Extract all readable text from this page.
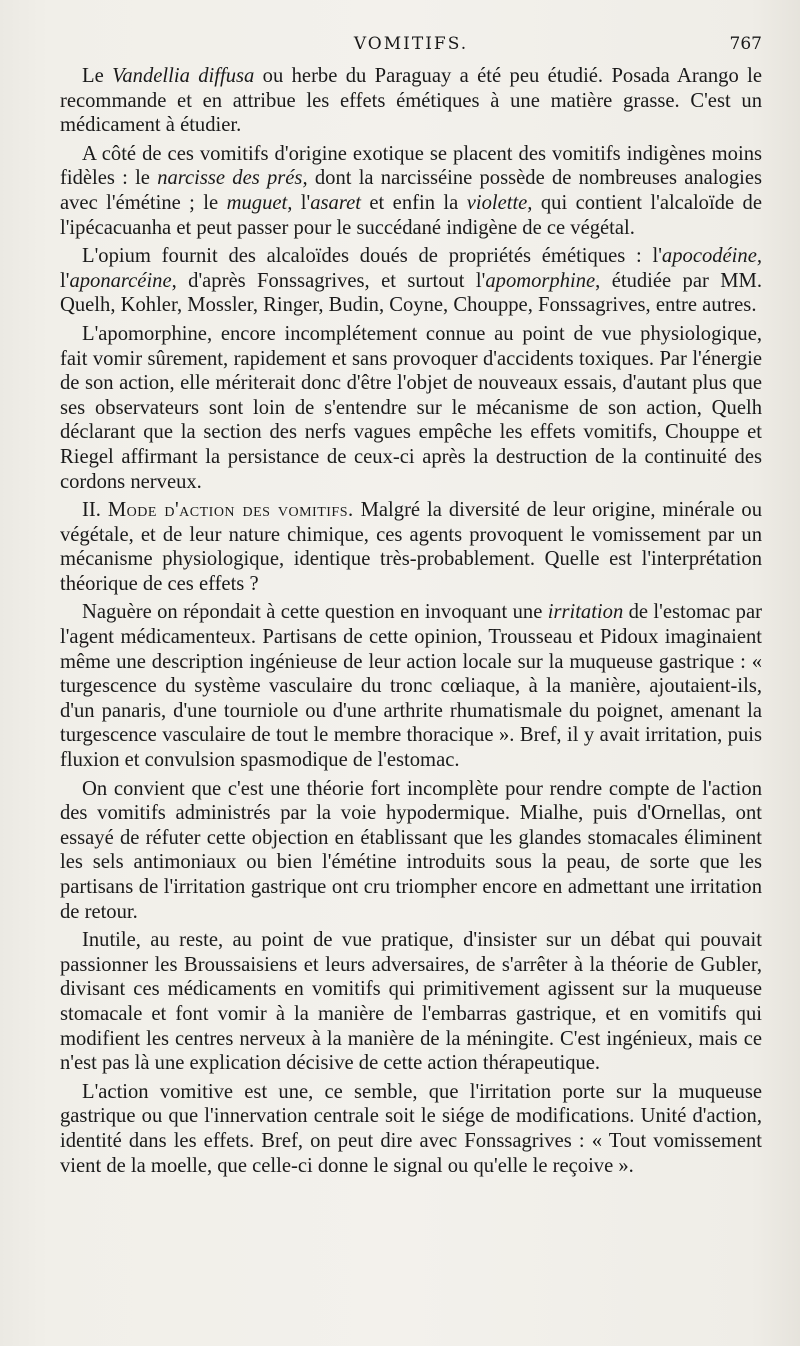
VOMITIFS.	767

Le Vandellia diffusa ou herbe du Paraguay a été peu étudié. Posada Arango le recommande et en attribue les effets émétiques à une matière grasse. C'est un médicament à étudier.

A côté de ces vomitifs d'origine exotique se placent des vomitifs indigènes moins fidèles : le narcisse des prés, dont la narcisséine possède de nombreuses analogies avec l'émétine ; le muguet, l'asaret et enfin la violette, qui contient l'alcaloïde de l'ipécacuanha et peut passer pour le succédané indigène de ce végétal.

L'opium fournit des alcaloïdes doués de propriétés émétiques : l'apocodéine, l'aponarcéine, d'après Fonssagrives, et surtout l'apomorphine, étudiée par MM. Quelh, Kohler, Mossler, Ringer, Budin, Coyne, Chouppe, Fonssagrives, entre autres.

L'apomorphine, encore incomplétement connue au point de vue physiologique, fait vomir sûrement, rapidement et sans provoquer d'accidents toxiques. Par l'énergie de son action, elle mériterait donc d'être l'objet de nouveaux essais, d'autant plus que ses observateurs sont loin de s'entendre sur le mécanisme de son action, Quelh déclarant que la section des nerfs vagues empêche les effets vomitifs, Chouppe et Riegel affirmant la persistance de ceux-ci après la destruction de la continuité des cordons nerveux.

II. Mode d'action des vomitifs. Malgré la diversité de leur origine, minérale ou végétale, et de leur nature chimique, ces agents provoquent le vomissement par un mécanisme physiologique, identique très-probablement. Quelle est l'interprétation théorique de ces effets ?

Naguère on répondait à cette question en invoquant une irritation de l'estomac par l'agent médicamenteux. Partisans de cette opinion, Trousseau et Pidoux imaginaient même une description ingénieuse de leur action locale sur la muqueuse gastrique : « turgescence du système vasculaire du tronc cœliaque, à la manière, ajoutaient-ils, d'un panaris, d'une tourniole ou d'une arthrite rhumatismale du poignet, amenant la turgescence vasculaire de tout le membre thoracique ». Bref, il y avait irritation, puis fluxion et convulsion spasmodique de l'estomac.

On convient que c'est une théorie fort incomplète pour rendre compte de l'action des vomitifs administrés par la voie hypodermique. Mialhe, puis d'Ornellas, ont essayé de réfuter cette objection en établissant que les glandes stomacales éliminent les sels antimoniaux ou bien l'émétine introduits sous la peau, de sorte que les partisans de l'irritation gastrique ont cru triompher encore en admettant une irritation de retour.

Inutile, au reste, au point de vue pratique, d'insister sur un débat qui pouvait passionner les Broussaisiens et leurs adversaires, de s'arrêter à la théorie de Gubler, divisant ces médicaments en vomitifs qui primitivement agissent sur la muqueuse stomacale et font vomir à la manière de l'embarras gastrique, et en vomitifs qui modifient les centres nerveux à la manière de la méningite. C'est ingénieux, mais ce n'est pas là une explication décisive de cette action thérapeutique.

L'action vomitive est une, ce semble, que l'irritation porte sur la muqueuse gastrique ou que l'innervation centrale soit le siége de modifications. Unité d'action, identité dans les effets. Bref, on peut dire avec Fonssagrives : « Tout vomissement vient de la moelle, que celle-ci donne le signal ou qu'elle le reçoive ».
